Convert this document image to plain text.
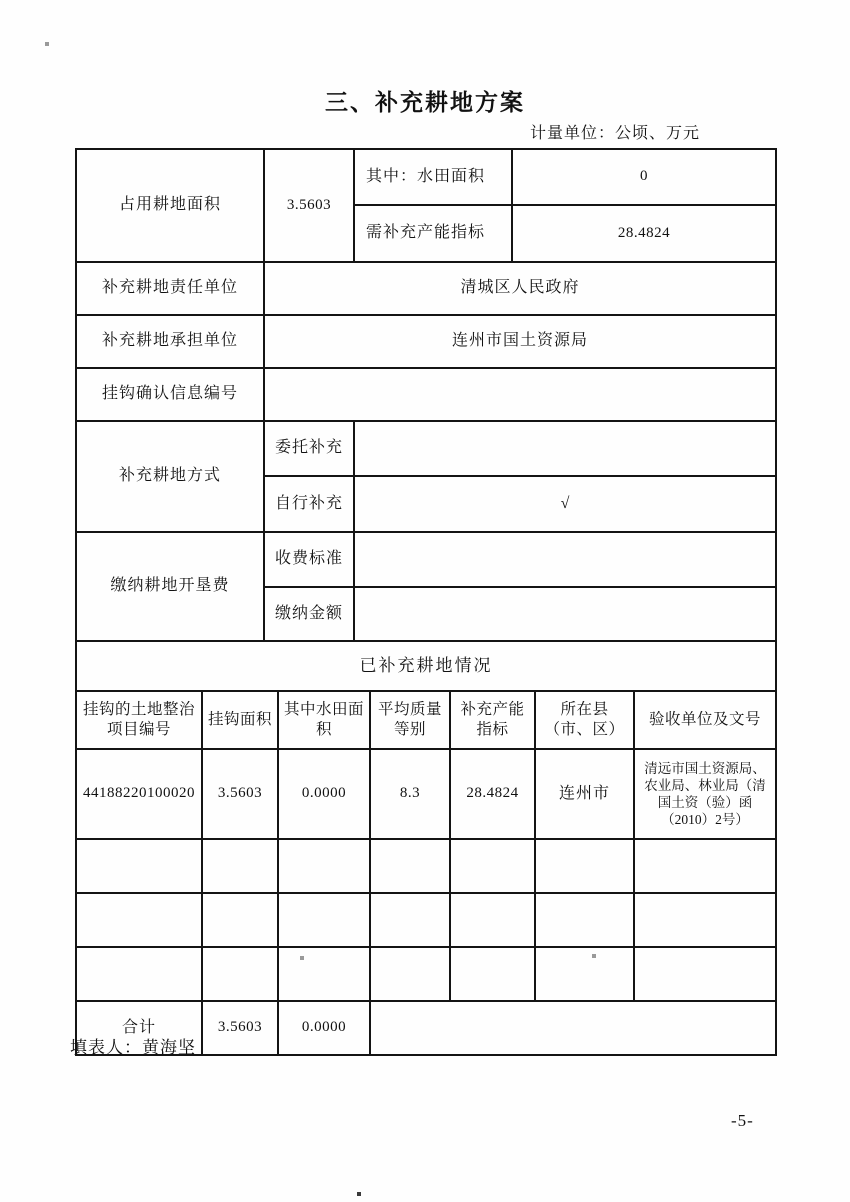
三、补充耕地方案
计量单位：公顷、万元
占用耕地面积	3.5603	其中：水田面积	0
		需补充产能指标	28.4824
补充耕地责任单位	清城区人民政府		
补充耕地承担单位	连州市国土资源局		
挂钩确认信息编号			
补充耕地方式	委托补充		
	自行补充	√	
缴纳耕地开垦费	收费标准		
	缴纳金额		
已补充耕地情况						
挂钩的土地整治项目编号	挂钩面积	其中水田面积	平均质量等别	补充产能指标	所在县（市、区）	验收单位及文号
44188220100020	3.5603	0.0000	8.3	28.4824	连州市	清远市国土资源局、农业局、林业局（清国土资（验）函（2010）2号）

合计	3.5603	0.0000				
填表人：黄海坚
-5-
